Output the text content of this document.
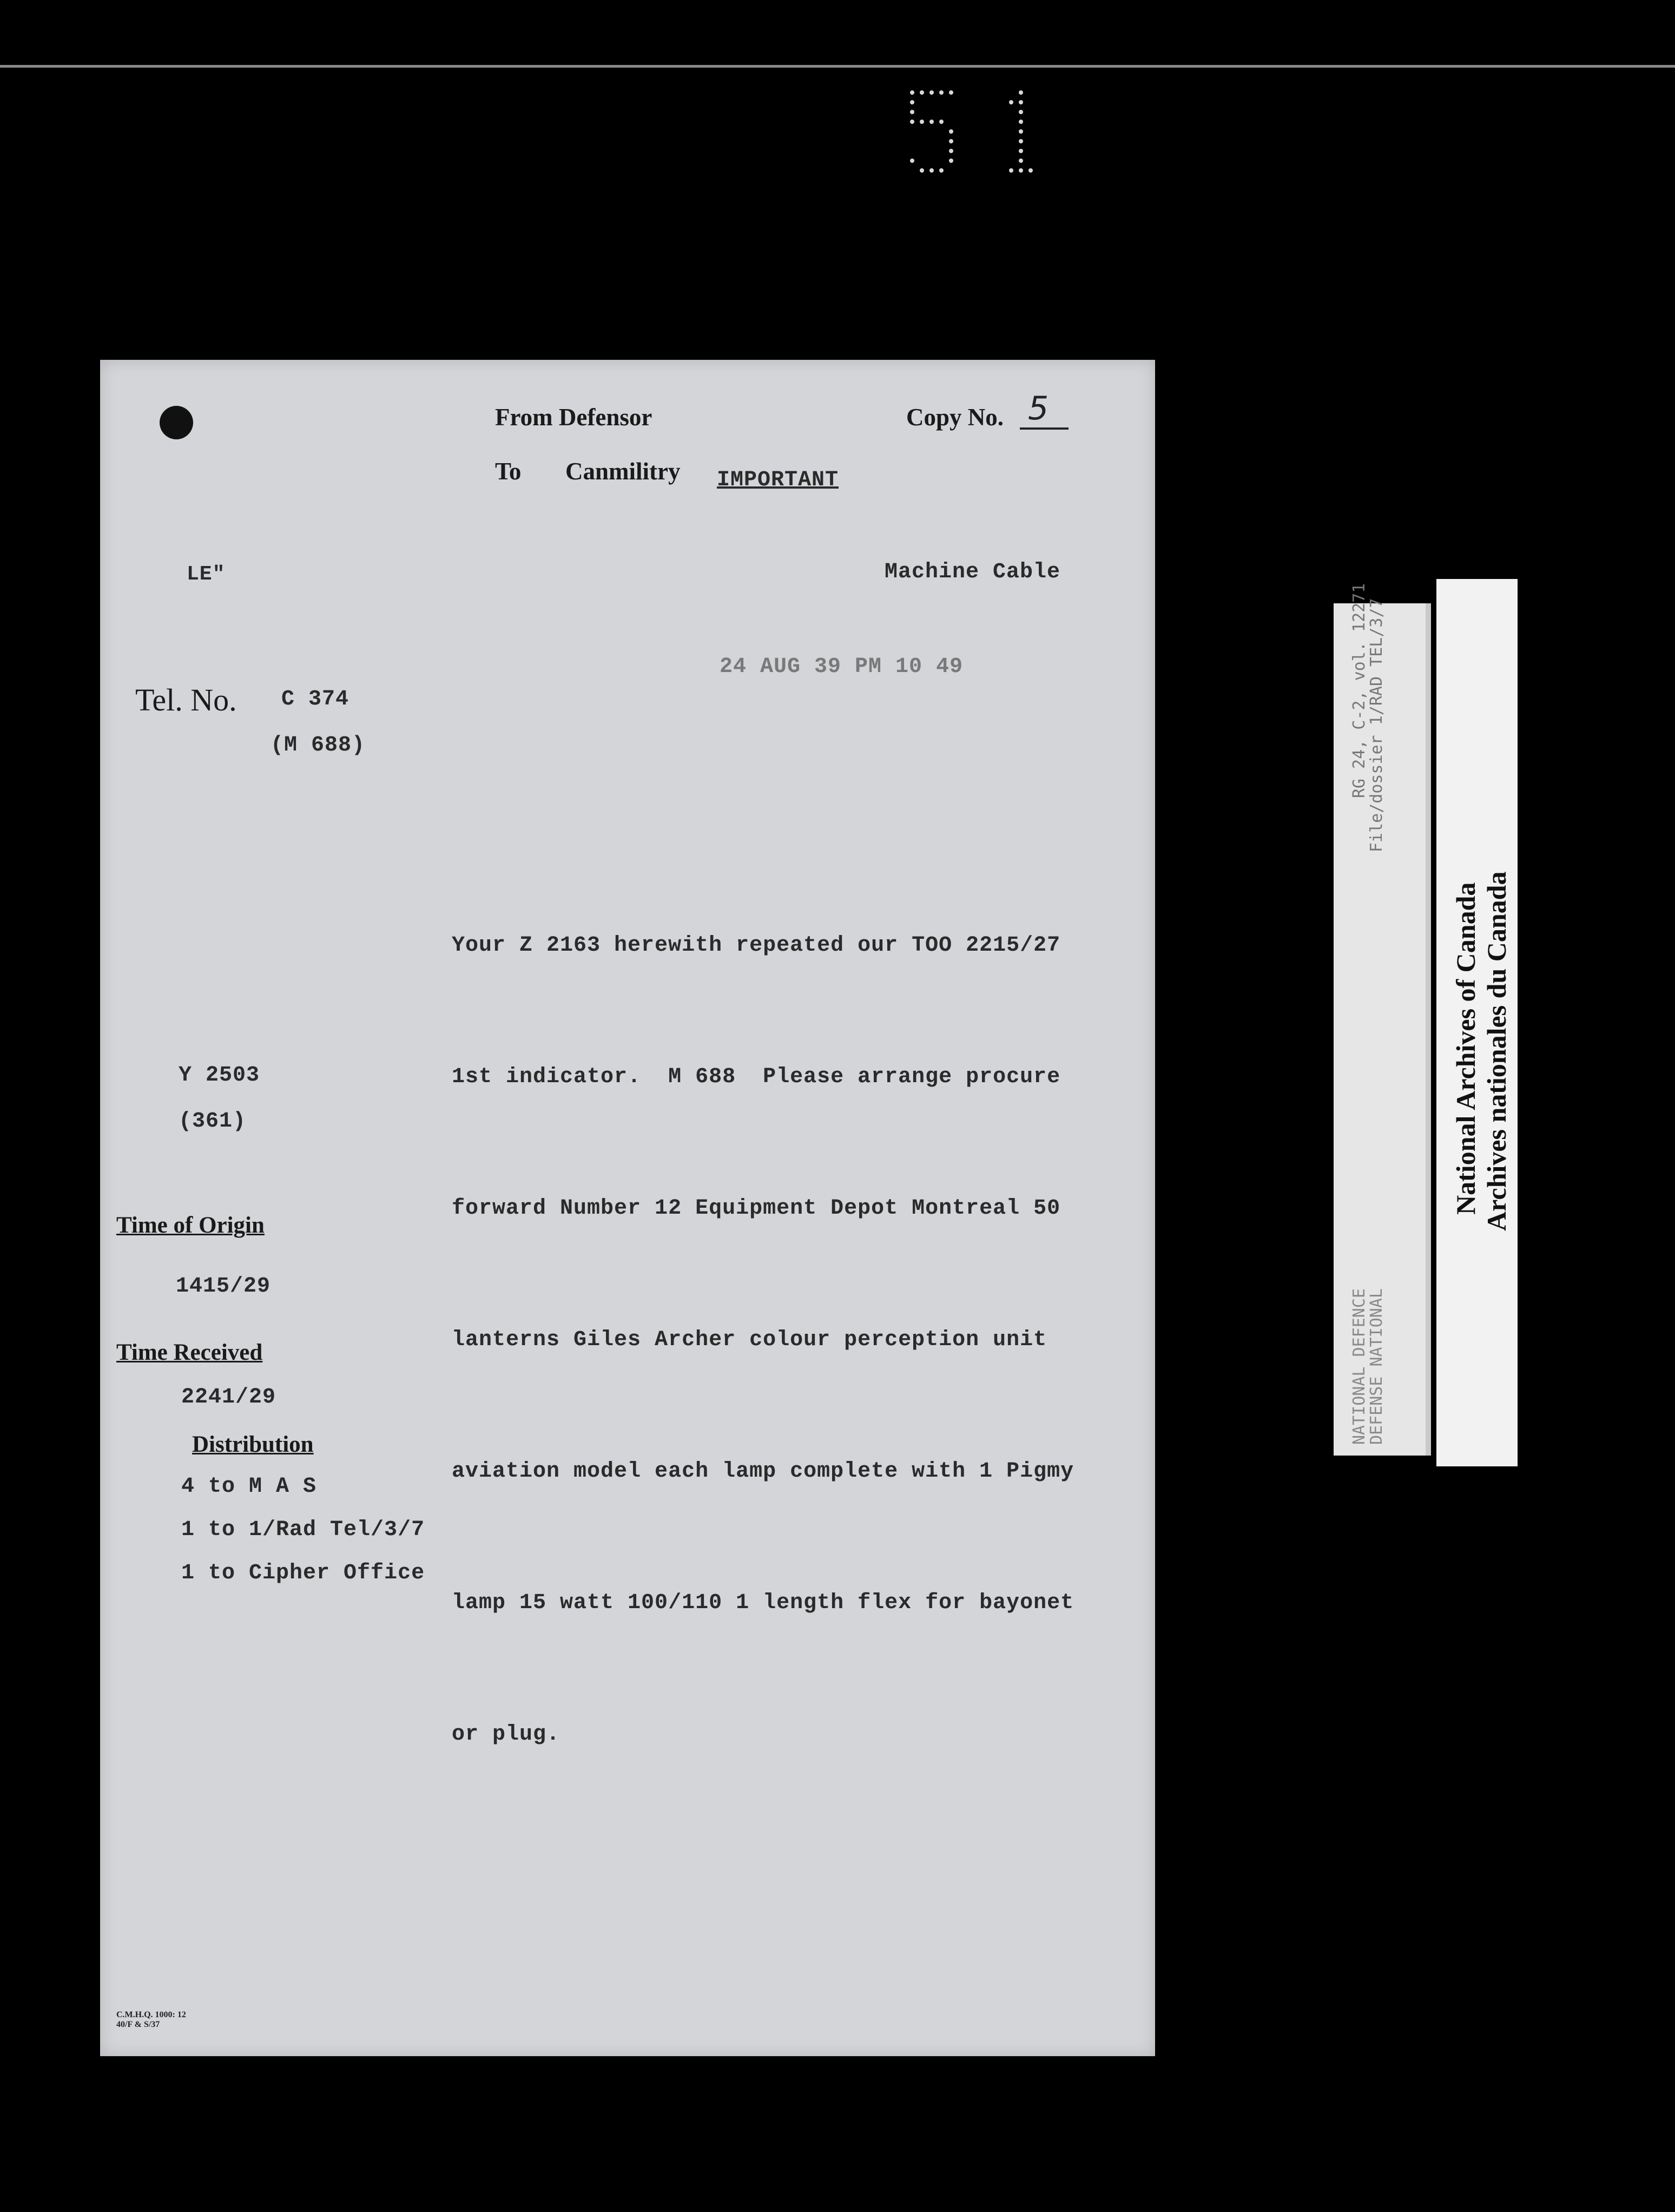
From Defensor
To Canmilitry IMPORTANT
Copy No. 5
LE"	Machine Cable
24 AUG 39 PM 10 49
Tel. No. C 374
(M 688)

Your Z 2163 herewith repeated our TOO 2215/27

1st indicator.  M 688  Please arrange procure

forward Number 12 Equipment Depot Montreal 50

lanterns Giles Archer colour perception unit

aviation model each lamp complete with 1 Pigmy

lamp 15 watt 100/110 1 length flex for bayonet

or plug.

Y 2503
(361)
Time of Origin
1415/29
Time Received
2241/29
Distribution
4 to M A S
1 to 1/Rad Tel/3/7
1 to Cipher Office
C.M.H.Q. 1000: 12
40/F & S/37
RG 24, C-2, vol. 12271
File/dossier 1/RAD TEL/3/7
NATIONAL DEFENCE
DEFENSE NATIONAL
National Archives of Canada Archives nationales du Canada
